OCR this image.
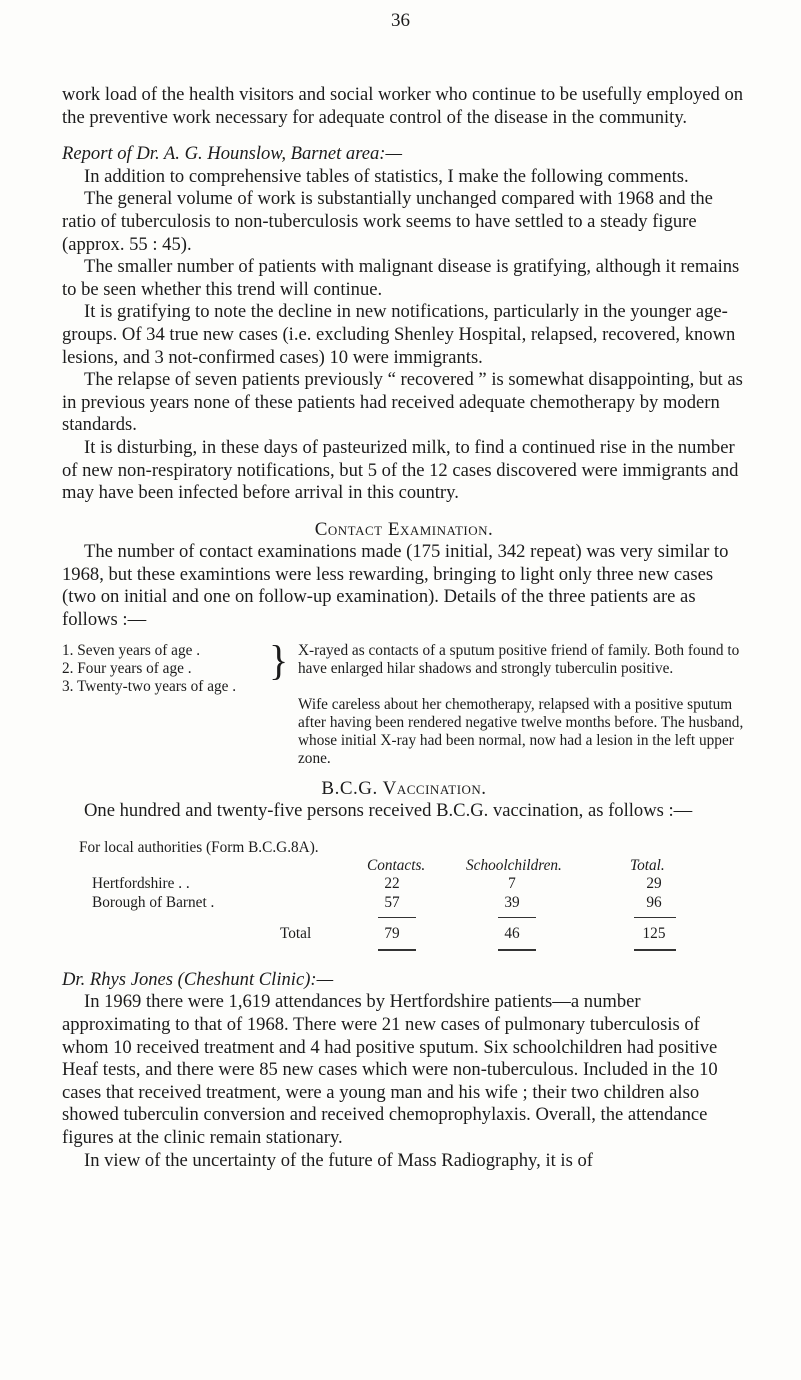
36

work load of the health visitors and social worker who continue to be usefully employed on the preventive work necessary for adequate control of the disease in the community.

Report of Dr. A. G. Hounslow, Barnet area:—

In addition to comprehensive tables of statistics, I make the following comments.

The general volume of work is substantially unchanged compared with 1968 and the ratio of tuberculosis to non-tuberculosis work seems to have settled to a steady figure (approx. 55 : 45).

The smaller number of patients with malignant disease is gratifying, although it remains to be seen whether this trend will continue.

It is gratifying to note the decline in new notifications, particularly in the younger age-groups. Of 34 true new cases (i.e. excluding Shenley Hospital, relapsed, recovered, known lesions, and 3 not-confirmed cases) 10 were immigrants.

The relapse of seven patients previously “ recovered ” is somewhat disappointing, but as in previous years none of these patients had received adequate chemotherapy by modern standards.

It is disturbing, in these days of pasteurized milk, to find a continued rise in the number of new non-respiratory notifications, but 5 of the 12 cases discovered were immigrants and may have been infected before arrival in this country.

Contact Examination.

The number of contact examinations made (175 initial, 342 repeat) was very similar to 1968, but these examintions were less rewarding, bringing to light only three new cases (two on initial and one on follow-up examination). Details of the three patients are as follows :—

1. Seven years of age .
2. Four years of age .
3. Twenty-two years of age .
} X-rayed as contacts of a sputum positive friend of family. Both found to have enlarged hilar shadows and strongly tuberculin positive.
Wife careless about her chemotherapy, relapsed with a positive sputum after having been rendered negative twelve months before. The husband, whose initial X-ray had been normal, now had a lesion in the left upper zone.

B.C.G. Vaccination.

One hundred and twenty-five persons received B.C.G. vaccination, as follows :—

For local authorities (Form B.C.G.8A).
Contacts.	Schoolchildren.	Total.
Hertfordshire . .	22	7	29
Borough of Barnet .	57	39	96
Total	79	46	125

Dr. Rhys Jones (Cheshunt Clinic):—

In 1969 there were 1,619 attendances by Hertfordshire patients—a number approximating to that of 1968. There were 21 new cases of pulmonary tuberculosis of whom 10 received treatment and 4 had positive sputum. Six schoolchildren had positive Heaf tests, and there were 85 new cases which were non-tuberculous. Included in the 10 cases that received treatment, were a young man and his wife ; their two children also showed tuberculin conversion and received chemoprophylaxis. Overall, the attendance figures at the clinic remain stationary.

In view of the uncertainty of the future of Mass Radiography, it is of
